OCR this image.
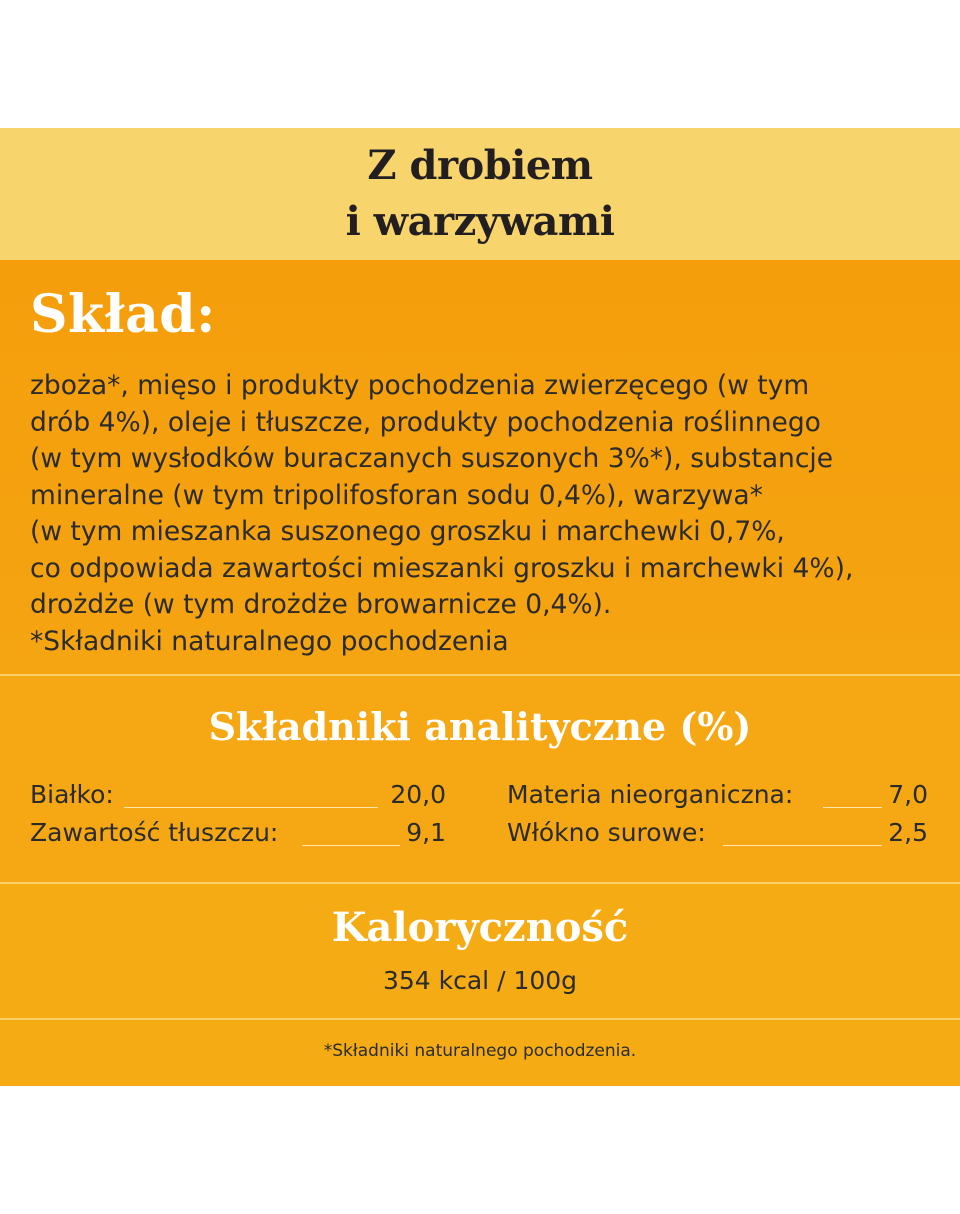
Z drobiem
i warzywami
Skład:
zboża*, mięso i produkty pochodzenia zwierzęcego (w tym
drób 4%), oleje i tłuszcze, produkty pochodzenia roślinnego
(w tym wysłodków buraczanych suszonych 3%*), substancje
mineralne (w tym tripolifosforan sodu 0,4%), warzywa*
(w tym mieszanka suszonego groszku i marchewki 0,7%,
co odpowiada zawartości mieszanki groszku i marchewki 4%),
drożdże (w tym drożdże browarnicze 0,4%).
*Składniki naturalnego pochodzenia
Składniki analityczne (%)
Białko:	20,0
Zawartość tłuszczu:	9,1
Materia nieorganiczna:	7,0
Włókno surowe:	2,5
Kaloryczność
354 kcal / 100g
*Składniki naturalnego pochodzenia.
